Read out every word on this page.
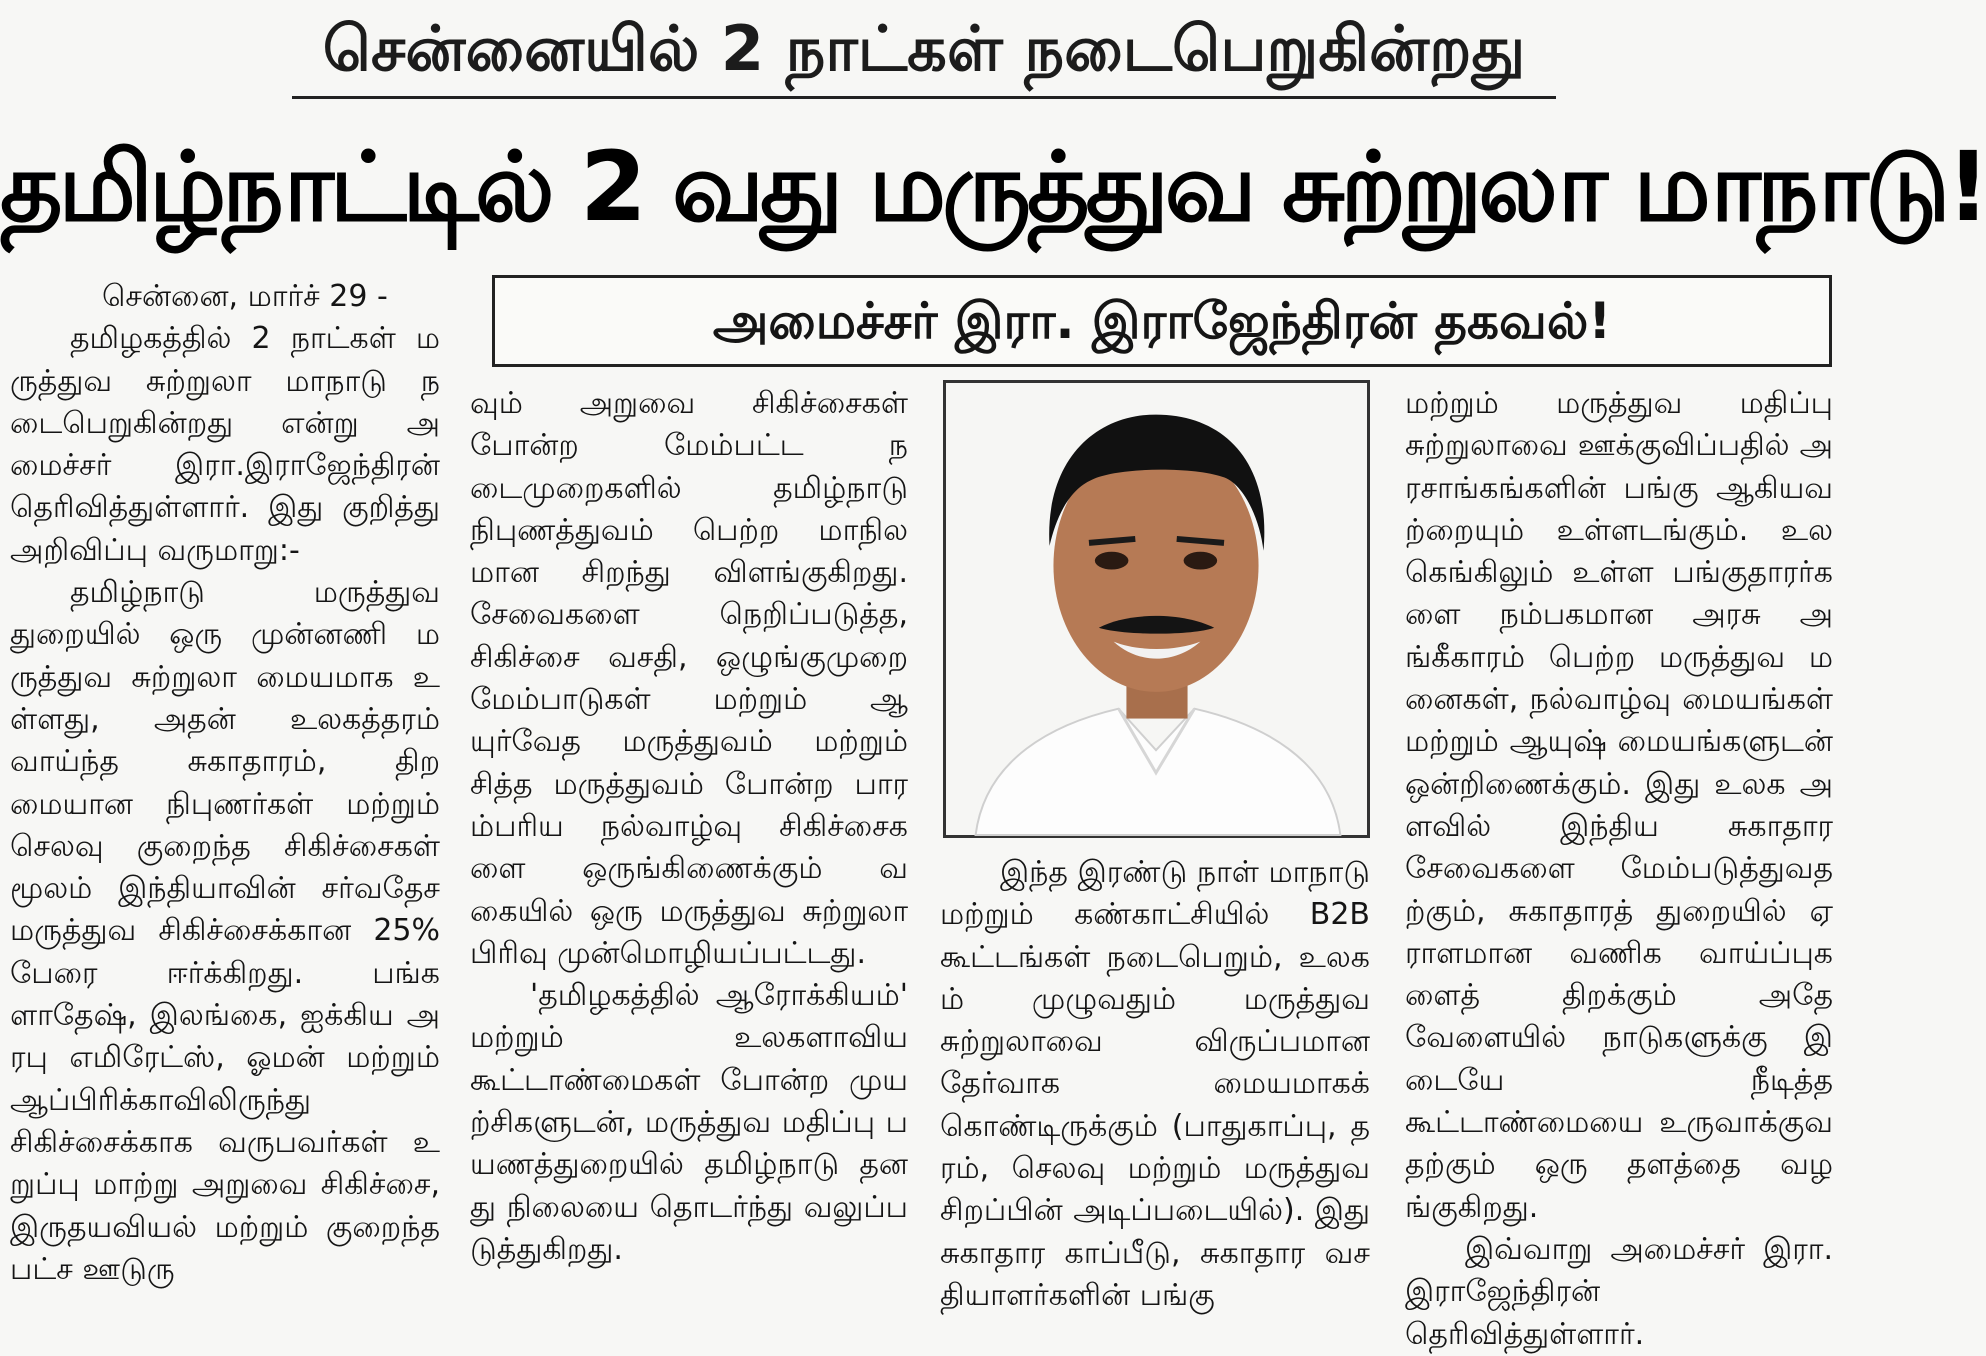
சென்னையில் 2 நாட்கள் நடைபெறுகின்றது
தமிழ்நாட்டில் 2 வது மருத்துவ சுற்றுலா மாநாடு!
அமைச்சர் இரா. இராஜேந்திரன் தகவல்!

சென்னை, மார்ச் 29 -

தமிழகத்தில் 2 நாட்கள் மருத்துவ சுற்றுலா மாநாடு நடைபெறுகின்றது என்று அமைச்சர் இரா.இராஜேந்திரன் தெரிவித்துள்ளார். இது குறித்து அறிவிப்பு வருமாறு:-

தமிழ்நாடு மருத்துவதுறையில் ஒரு முன்னணி மருத்துவ சுற்றுலா மையமாக உள்ளது, அதன் உலகத்தரம் வாய்ந்த சுகாதாரம், திறமையான நிபுணர்கள் மற்றும் செலவு குறைந்த சிகிச்சைகள் மூலம் இந்தியாவின் சர்வதேச மருத்துவ சிகிச்சைக்கான 25% பேரை ஈர்க்கிறது. பங்களாதேஷ், இலங்கை, ஐக்கிய அரபு எமிரேட்ஸ், ஓமன் மற்றும் ஆப்பிரிக்காவிலிருந்து சிகிச்சைக்காக வருபவர்கள் உறுப்பு மாற்று அறுவை சிகிச்சை, இருதயவியல் மற்றும் குறைந்தபட்ச ஊடுரு

வும் அறுவை சிகிச்சைகள் போன்ற மேம்பட்ட நடைமுறைகளில் தமிழ்நாடு நிபுணத்துவம் பெற்ற மாநிலமான சிறந்து விளங்குகிறது. சேவைகளை நெறிப்படுத்த, சிகிச்சை வசதி, ஒழுங்குமுறை மேம்பாடுகள் மற்றும் ஆயுர்வேத மருத்துவம் மற்றும் சித்த மருத்துவம் போன்ற பாரம்பரிய நல்வாழ்வு சிகிச்சைகளை ஒருங்கிணைக்கும் வகையில் ஒரு மருத்துவ சுற்றுலா பிரிவு முன்மொழியப்பட்டது.

'தமிழகத்தில் ஆரோக்கியம்' மற்றும் உலகளாவிய கூட்டாண்மைகள் போன்ற முயற்சிகளுடன், மருத்துவ மதிப்பு பயணத்துறையில் தமிழ்நாடு தனது நிலையை தொடர்ந்து வலுப்படுத்துகிறது.

இந்த இரண்டு நாள் மாநாடு மற்றும் கண்காட்சியில் B2B கூட்டங்கள் நடைபெறும், உலகம் முழுவதும் மருத்துவ சுற்றுலாவை விருப்பமான தேர்வாக மையமாகக் கொண்டிருக்கும் (பாதுகாப்பு, தரம், செலவு மற்றும் மருத்துவ சிறப்பின் அடிப்படையில்). இது சுகாதார காப்பீடு, சுகாதார வசதியாளர்களின் பங்கு

மற்றும் மருத்துவ மதிப்பு சுற்றுலாவை ஊக்குவிப்பதில் அரசாங்கங்களின் பங்கு ஆகியவற்றையும் உள்ளடங்கும். உலகெங்கிலும் உள்ள பங்குதாரர்களை நம்பகமான அரசு அங்கீகாரம் பெற்ற மருத்துவ மனைகள், நல்வாழ்வு மையங்கள் மற்றும் ஆயுஷ் மையங்களுடன் ஒன்றிணைக்கும். இது உலக அளவில் இந்திய சுகாதார சேவைகளை மேம்படுத்துவதற்கும், சுகாதாரத் துறையில் ஏராளமான வணிக வாய்ப்புகளைத் திறக்கும் அதே வேளையில் நாடுகளுக்கு இடையே நீடித்த கூட்டாண்மையை உருவாக்குவதற்கும் ஒரு தளத்தை வழங்குகிறது.

இவ்வாறு அமைச்சர் இரா.இராஜேந்திரன் தெரிவித்துள்ளார்.
